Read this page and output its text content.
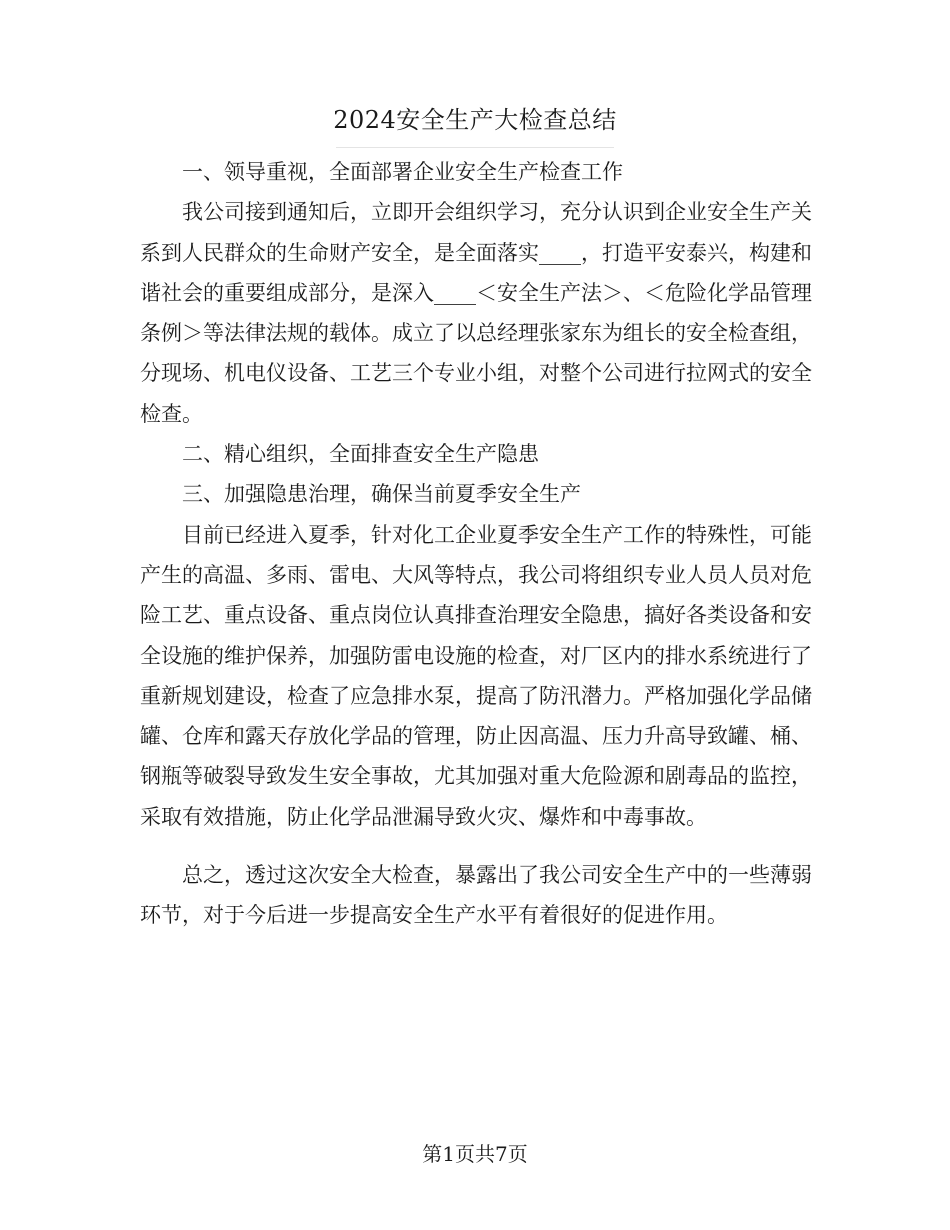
2024安全生产大检查总结

一、领导重视，全面部署企业安全生产检查工作

我公司接到通知后，立即开会组织学习，充分认识到企业安全生产关系到人民群众的生命财产安全，是全面落实____，打造平安泰兴，构建和谐社会的重要组成部分，是深入____＜安全生产法＞、＜危险化学品管理条例＞等法律法规的载体。成立了以总经理张家东为组长的安全检查组，分现场、机电仪设备、工艺三个专业小组，对整个公司进行拉网式的安全检查。

二、精心组织，全面排查安全生产隐患

三、加强隐患治理，确保当前夏季安全生产

目前已经进入夏季，针对化工企业夏季安全生产工作的特殊性，可能产生的高温、多雨、雷电、大风等特点，我公司将组织专业人员人员对危险工艺、重点设备、重点岗位认真排查治理安全隐患，搞好各类设备和安全设施的维护保养，加强防雷电设施的检查，对厂区内的排水系统进行了重新规划建设，检查了应急排水泵，提高了防汛潜力。严格加强化学品储罐、仓库和露天存放化学品的管理，防止因高温、压力升高导致罐、桶、钢瓶等破裂导致发生安全事故，尤其加强对重大危险源和剧毒品的监控，采取有效措施，防止化学品泄漏导致火灾、爆炸和中毒事故。

总之，透过这次安全大检查，暴露出了我公司安全生产中的一些薄弱环节，对于今后进一步提高安全生产水平有着很好的促进作用。

第1页共7页
